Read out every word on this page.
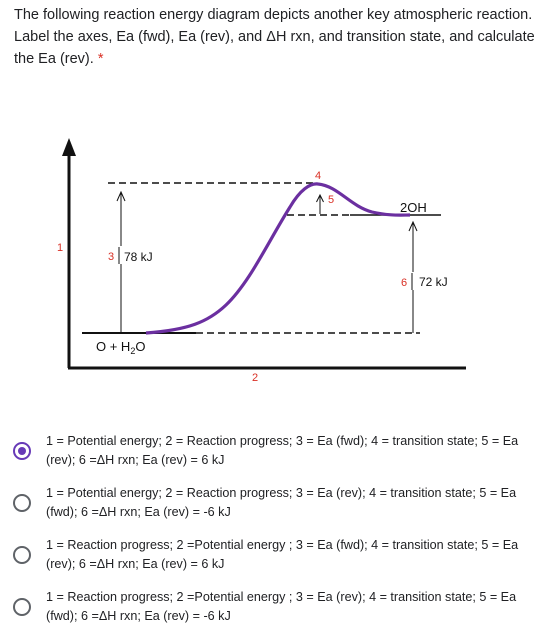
The following reaction energy diagram depicts another key atmospheric reaction. Label the axes, Ea (fwd), Ea (rev), and ΔH rxn, and transition state, and calculate the Ea (rev). *
3 78 kJ
6 72 kJ
1
2
4
5
$O + H_2O$
2OH
1 = Potential energy; 2 = Reaction progress; 3 = Ea (fwd); 4 = transition state; 5 = Ea (rev); 6 =ΔH rxn; Ea (rev) = 6 kJ
1 = Potential energy; 2 = Reaction progress; 3 = Ea (rev); 4 = transition state; 5 = Ea (fwd); 6 =ΔH rxn; Ea (rev) = -6 kJ
1 = Reaction progress; 2 =Potential energy ; 3 = Ea (fwd); 4 = transition state; 5 = Ea (rev); 6 =ΔH rxn; Ea (rev) = 6 kJ
1 = Reaction progress; 2 =Potential energy ; 3 = Ea (rev); 4 = transition state; 5 = Ea (fwd); 6 =ΔH rxn; Ea (rev) = -6 kJ
